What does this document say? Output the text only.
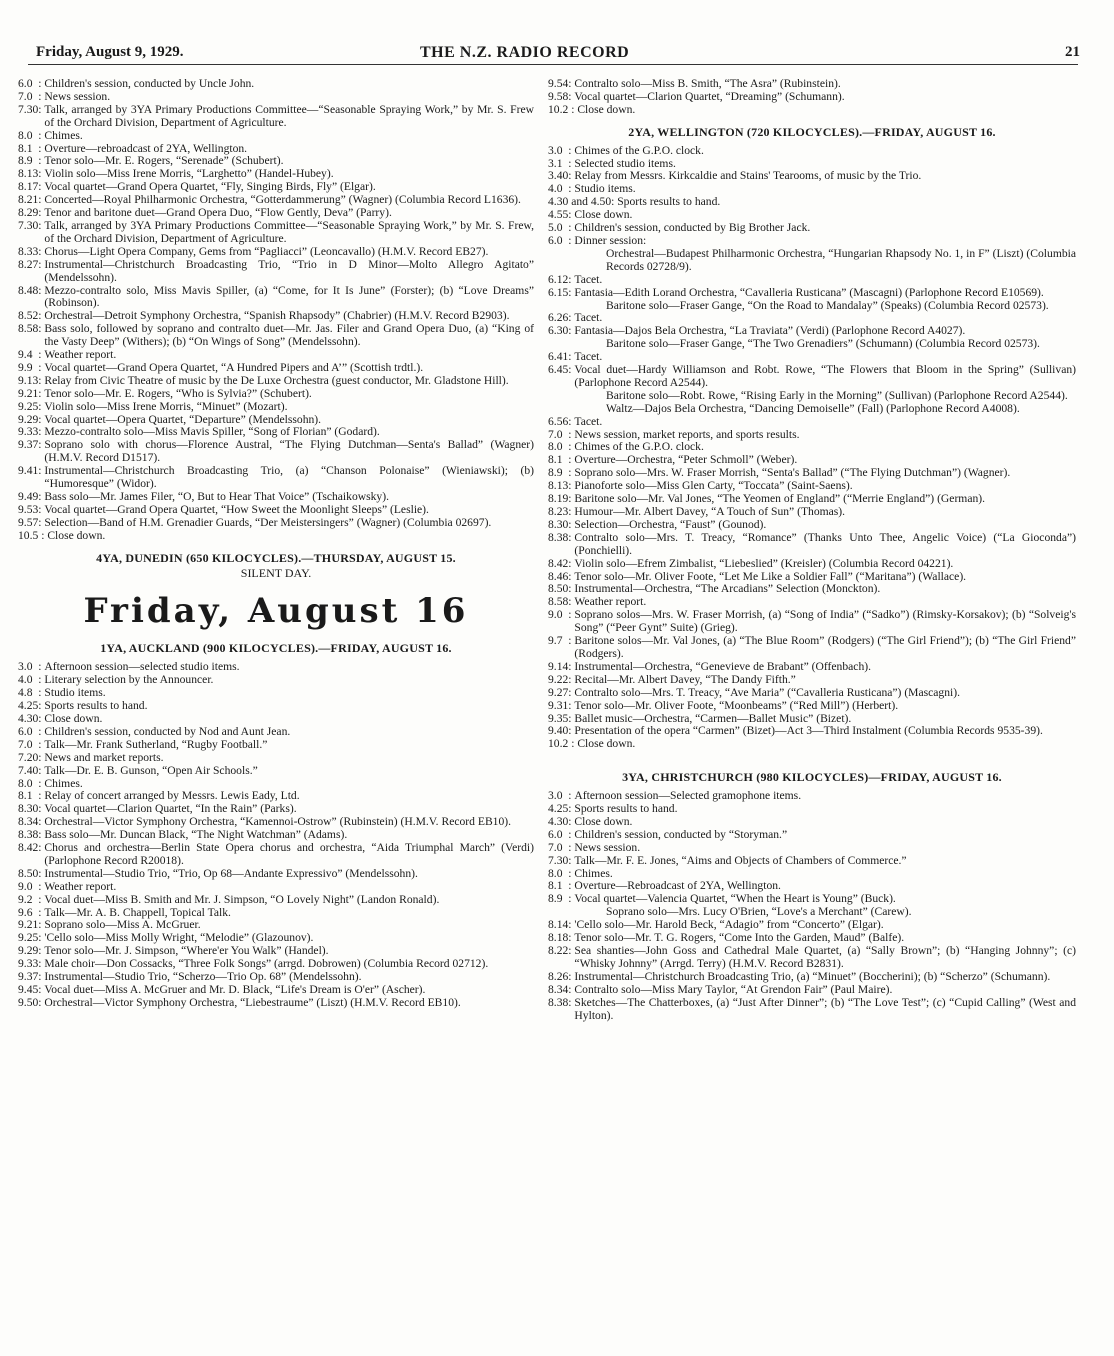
Friday, August 9, 1929.	THE N.Z. RADIO RECORD	21
6.0  : Children's session, conducted by Uncle John.
7.0  : News session.
7.30: Talk, arranged by 3YA Primary Productions Committee—“Seasonable Spraying Work,” by Mr. S. Frew of the Orchard Division, Department of Agriculture.
8.0  : Chimes.
8.1  : Overture—rebroadcast of 2YA, Wellington.
8.9  : Tenor solo—Mr. E. Rogers, “Serenade” (Schubert).
8.13: Violin solo—Miss Irene Morris, “Larghetto” (Handel-Hubey).
8.17: Vocal quartet—Grand Opera Quartet, “Fly, Singing Birds, Fly” (Elgar).
8.21: Concerted—Royal Philharmonic Orchestra, “Gotterdammerung” (Wagner) (Columbia Record L1636).
8.29: Tenor and baritone duet—Grand Opera Duo, “Flow Gently, Deva” (Parry).
7.30: Talk, arranged by 3YA Primary Productions Committee—“Seasonable Spraying Work,” by Mr. S. Frew, of the Orchard Division, Department of Agriculture.
8.33: Chorus—Light Opera Company, Gems from “Pagliacci” (Leoncavallo) (H.M.V. Record EB27).
8.27: Instrumental—Christchurch Broadcasting Trio, “Trio in D Minor—Molto Allegro Agitato” (Mendelssohn).
8.48: Mezzo-contralto solo, Miss Mavis Spiller, (a) “Come, for It Is June” (Forster); (b) “Love Dreams” (Robinson).
8.52: Orchestral—Detroit Symphony Orchestra, “Spanish Rhapsody” (Chabrier) (H.M.V. Record B2903).
8.58: Bass solo, followed by soprano and contralto duet—Mr. Jas. Filer and Grand Opera Duo, (a) “King of the Vasty Deep” (Withers); (b) “On Wings of Song” (Mendelssohn).
9.4  : Weather report.
9.9  : Vocal quartet—Grand Opera Quartet, “A Hundred Pipers and A’” (Scottish trdtl.).
9.13: Relay from Civic Theatre of music by the De Luxe Orchestra (guest conductor, Mr. Gladstone Hill).
9.21: Tenor solo—Mr. E. Rogers, “Who is Sylvia?” (Schubert).
9.25: Violin solo—Miss Irene Morris, “Minuet” (Mozart).
9.29: Vocal quartet—Opera Quartet, “Departure” (Mendelssohn).
9.33: Mezzo-contralto solo—Miss Mavis Spiller, “Song of Florian” (Godard).
9.37: Soprano solo with chorus—Florence Austral, “The Flying Dutchman—Senta's Ballad” (Wagner) (H.M.V. Record D1517).
9.41: Instrumental—Christchurch Broadcasting Trio, (a) “Chanson Polonaise” (Wieniawski); (b) “Humoresque” (Widor).
9.49: Bass solo—Mr. James Filer, “O, But to Hear That Voice” (Tschaikowsky).
9.53: Vocal quartet—Grand Opera Quartet, “How Sweet the Moonlight Sleeps” (Leslie).
9.57: Selection—Band of H.M. Grenadier Guards, “Der Meistersingers” (Wagner) (Columbia 02697).
10.5 : Close down.
4YA, DUNEDIN (650 KILOCYCLES).—THURSDAY, AUGUST 15.
SILENT DAY.
Friday, August 16
1YA, AUCKLAND (900 KILOCYCLES).—FRIDAY, AUGUST 16.
3.0  : Afternoon session—selected studio items.
4.0  : Literary selection by the Announcer.
4.8  : Studio items.
4.25: Sports results to hand.
4.30: Close down.
6.0  : Children's session, conducted by Nod and Aunt Jean.
7.0  : Talk—Mr. Frank Sutherland, “Rugby Football.”
7.20: News and market reports.
7.40: Talk—Dr. E. B. Gunson, “Open Air Schools.”
8.0  : Chimes.
8.1  : Relay of concert arranged by Messrs. Lewis Eady, Ltd.
8.30: Vocal quartet—Clarion Quartet, “In the Rain” (Parks).
8.34: Orchestral—Victor Symphony Orchestra, “Kamennoi-Ostrow” (Rubinstein) (H.M.V. Record EB10).
8.38: Bass solo—Mr. Duncan Black, “The Night Watchman” (Adams).
8.42: Chorus and orchestra—Berlin State Opera chorus and orchestra, “Aida Triumphal March” (Verdi) (Parlophone Record R20018).
8.50: Instrumental—Studio Trio, “Trio, Op 68—Andante Expressivo” (Mendelssohn).
9.0  : Weather report.
9.2  : Vocal duet—Miss B. Smith and Mr. J. Simpson, “O Lovely Night” (Landon Ronald).
9.6  : Talk—Mr. A. B. Chappell, Topical Talk.
9.21: Soprano solo—Miss A. McGruer.
9.25: 'Cello solo—Miss Molly Wright, “Melodie” (Glazounov).
9.29: Tenor solo—Mr. J. Simpson, “Where'er You Walk” (Handel).
9.33: Male choir—Don Cossacks, “Three Folk Songs” (arrgd. Dobrowen) (Columbia Record 02712).
9.37: Instrumental—Studio Trio, “Scherzo—Trio Op. 68” (Mendelssohn).
9.45: Vocal duet—Miss A. McGruer and Mr. D. Black, “Life's Dream is O'er” (Ascher).
9.50: Orchestral—Victor Symphony Orchestra, “Liebestraume” (Liszt) (H.M.V. Record EB10).
9.54: Contralto solo—Miss B. Smith, “The Asra” (Rubinstein).
9.58: Vocal quartet—Clarion Quartet, “Dreaming” (Schumann).
10.2 : Close down.
2YA, WELLINGTON (720 KILOCYCLES).—FRIDAY, AUGUST 16.
3.0  : Chimes of the G.P.O. clock.
3.1  : Selected studio items.
3.40: Relay from Messrs. Kirkcaldie and Stains' Tearooms, of music by the Trio.
4.0  : Studio items.
4.30 and 4.50: Sports results to hand.
4.55: Close down.
5.0  : Children's session, conducted by Big Brother Jack.
6.0  : Dinner session:
Orchestral—Budapest Philharmonic Orchestra, “Hungarian Rhapsody No. 1, in F” (Liszt) (Columbia Records 02728/9).
6.12: Tacet.
6.15: Fantasia—Edith Lorand Orchestra, “Cavalleria Rusticana” (Mascagni) (Parlophone Record E10569).
Baritone solo—Fraser Gange, “On the Road to Mandalay” (Speaks) (Columbia Record 02573).
6.26: Tacet.
6.30: Fantasia—Dajos Bela Orchestra, “La Traviata” (Verdi) (Parlophone Record A4027).
Baritone solo—Fraser Gange, “The Two Grenadiers” (Schumann) (Columbia Record 02573).
6.41: Tacet.
6.45: Vocal duet—Hardy Williamson and Robt. Rowe, “The Flowers that Bloom in the Spring” (Sullivan) (Parlophone Record A2544).
Baritone solo—Robt. Rowe, “Rising Early in the Morning” (Sullivan) (Parlophone Record A2544).
Waltz—Dajos Bela Orchestra, “Dancing Demoiselle” (Fall) (Parlophone Record A4008).
6.56: Tacet.
7.0  : News session, market reports, and sports results.
8.0  : Chimes of the G.P.O. clock.
8.1  : Overture—Orchestra, “Peter Schmoll” (Weber).
8.9  : Soprano solo—Mrs. W. Fraser Morrish, “Senta's Ballad” (“The Flying Dutchman”) (Wagner).
8.13: Pianoforte solo—Miss Glen Carty, “Toccata” (Saint-Saens).
8.19: Baritone solo—Mr. Val Jones, “The Yeomen of England” (“Merrie England”) (German).
8.23: Humour—Mr. Albert Davey, “A Touch of Sun” (Thomas).
8.30: Selection—Orchestra, “Faust” (Gounod).
8.38: Contralto solo—Mrs. T. Treacy, “Romance” (Thanks Unto Thee, Angelic Voice) (“La Gioconda”) (Ponchielli).
8.42: Violin solo—Efrem Zimbalist, “Liebeslied” (Kreisler) (Columbia Record 04221).
8.46: Tenor solo—Mr. Oliver Foote, “Let Me Like a Soldier Fall” (“Maritana”) (Wallace).
8.50: Instrumental—Orchestra, “The Arcadians” Selection (Monckton).
8.58: Weather report.
9.0  : Soprano solos—Mrs. W. Fraser Morrish, (a) “Song of India” (“Sadko”) (Rimsky-Korsakov); (b) “Solveig's Song” (“Peer Gynt” Suite) (Grieg).
9.7  : Baritone solos—Mr. Val Jones, (a) “The Blue Room” (Rodgers) (“The Girl Friend”); (b) “The Girl Friend” (Rodgers).
9.14: Instrumental—Orchestra, “Genevieve de Brabant” (Offenbach).
9.22: Recital—Mr. Albert Davey, “The Dandy Fifth.”
9.27: Contralto solo—Mrs. T. Treacy, “Ave Maria” (“Cavalleria Rusticana”) (Mascagni).
9.31: Tenor solo—Mr. Oliver Foote, “Moonbeams” (“Red Mill”) (Herbert).
9.35: Ballet music—Orchestra, “Carmen—Ballet Music” (Bizet).
9.40: Presentation of the opera “Carmen” (Bizet)—Act 3—Third Instalment (Columbia Records 9535-39).
10.2 : Close down.
3YA, CHRISTCHURCH (980 KILOCYCLES)—FRIDAY, AUGUST 16.
3.0  : Afternoon session—Selected gramophone items.
4.25: Sports results to hand.
4.30: Close down.
6.0  : Children's session, conducted by “Storyman.”
7.0  : News session.
7.30: Talk—Mr. F. E. Jones, “Aims and Objects of Chambers of Commerce.”
8.0  : Chimes.
8.1  : Overture—Rebroadcast of 2YA, Wellington.
8.9  : Vocal quartet—Valencia Quartet, “When the Heart is Young” (Buck).
Soprano solo—Mrs. Lucy O'Brien, “Love's a Merchant” (Carew).
8.14: 'Cello solo—Mr. Harold Beck, “Adagio” from “Concerto” (Elgar).
8.18: Tenor solo—Mr. T. G. Rogers, “Come Into the Garden, Maud” (Balfe).
8.22: Sea shanties—John Goss and Cathedral Male Quartet, (a) “Sally Brown”; (b) “Hanging Johnny”; (c) “Whisky Johnny” (Arrgd. Terry) (H.M.V. Record B2831).
8.26: Instrumental—Christchurch Broadcasting Trio, (a) “Minuet” (Boccherini); (b) “Scherzo” (Schumann).
8.34: Contralto solo—Miss Mary Taylor, “At Grendon Fair” (Paul Maire).
8.38: Sketches—The Chatterboxes, (a) “Just After Dinner”; (b) “The Love Test”; (c) “Cupid Calling” (West and Hylton).
